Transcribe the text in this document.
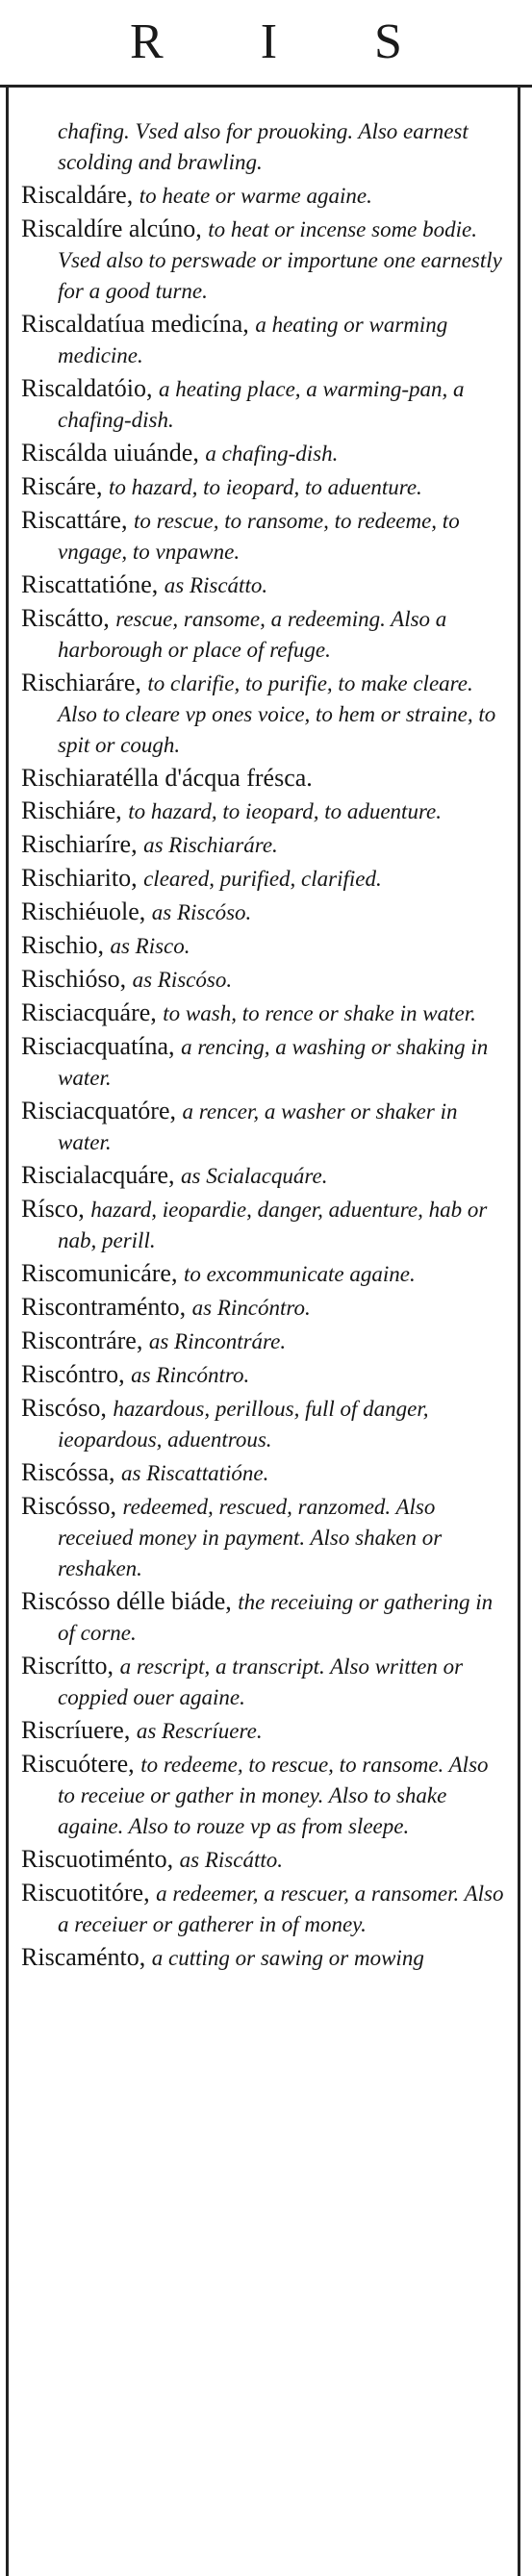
R I S

chafing. Vsed also for prouoking. Also earnest scolding and brawling.

Riscaldáre, to heate or warme againe.

Riscaldíre alcúno, to heat or incense some bodie. Vsed also to perswade or importune one earnestly for a good turne.

Riscaldatíua medicína, a heating or warming medicine.

Riscaldatóio, a heating place, a warming-pan, a chafing-dish.

Riscálda uiuánde, a chafing-dish.

Riscáre, to hazard, to ieopard, to aduenture.

Riscattáre, to rescue, to ransome, to redeeme, to vngage, to vnpawne.

Riscattatióne, as Riscátto.

Riscátto, rescue, ransome, a redeeming. Also a harborough or place of refuge.

Rischiaráre, to clarifie, to purifie, to make cleare. Also to cleare vp ones voice, to hem or straine, to spit or cough.

Rischiaratélla d'ácqua frésca.

Rischiáre, to hazard, to ieopard, to aduenture.

Rischiaríre, as Rischiaráre.

Rischiarito, cleared, purified, clarified.

Rischiéuole, as Riscóso.

Rischio, as Risco.

Rischióso, as Riscóso.

Risciacquáre, to wash, to rence or shake in water.

Risciacquatína, a rencing, a washing or shaking in water.

Risciacquatóre, a rencer, a washer or shaker in water.

Riscialacquáre, as Scialacquáre.

Rísco, hazard, ieopardie, danger, aduenture, hab or nab, perill.

Riscomunicáre, to excommunicate againe.

Riscontraménto, as Rincóntro.

Riscontráre, as Rincontráre.

Riscóntro, as Rincóntro.

Riscóso, hazardous, perillous, full of danger, ieopardous, aduentrous.

Riscóssa, as Riscattatióne.

Riscósso, redeemed, rescued, ranzomed. Also receiued money in payment. Also shaken or reshaken.

Riscósso délle biáde, the receiuing or gathering in of corne.

Riscrítto, a rescript, a transcript. Also written or coppied ouer againe.

Riscríuere, as Rescríuere.

Riscuótere, to redeeme, to rescue, to ransome. Also to receiue or gather in money. Also to shake againe. Also to rouze vp as from sleepe.

Riscuotiménto, as Riscátto.

Riscuotitóre, a redeemer, a rescuer, a ransomer. Also a receiuer or gatherer in of money.

Riscaménto, a cutting or sawing or mowing
